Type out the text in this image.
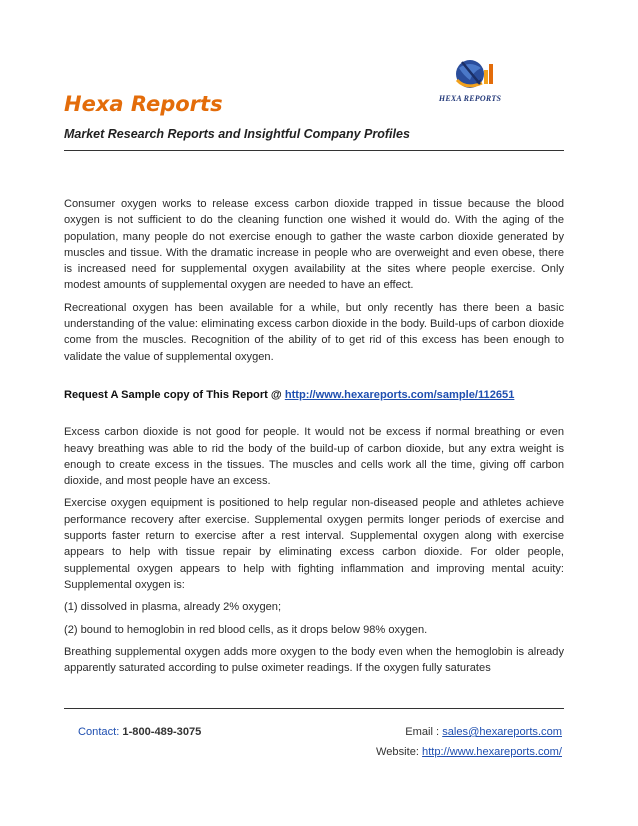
HEXA REPORTS
Hexa Reports
Market Research Reports and Insightful Company Profiles

Consumer oxygen works to release excess carbon dioxide trapped in tissue because the blood oxygen is not sufficient to do the cleaning function one wished it would do. With the aging of the population, many people do not exercise enough to gather the waste carbon dioxide generated by muscles and tissue. With the dramatic increase in people who are overweight and even obese, there is increased need for supplemental oxygen availability at the sites where people exercise. Only modest amounts of supplemental oxygen are needed to have an effect.

Recreational oxygen has been available for a while, but only recently has there been a basic understanding of the value: eliminating excess carbon dioxide in the body. Build-ups of carbon dioxide come from the muscles. Recognition of the ability of to get rid of this excess has been enough to validate the value of supplemental oxygen.

Request A Sample copy of This Report @ http://www.hexareports.com/sample/112651

Excess carbon dioxide is not good for people. It would not be excess if normal breathing or even heavy breathing was able to rid the body of the build-up of carbon dioxide, but any extra weight is enough to create excess in the tissues. The muscles and cells work all the time, giving off carbon dioxide, and most people have an excess.

Exercise oxygen equipment is positioned to help regular non-diseased people and athletes achieve performance recovery after exercise. Supplemental oxygen permits longer periods of exercise and supports faster return to exercise after a rest interval. Supplemental oxygen along with exercise appears to help with tissue repair by eliminating excess carbon dioxide. For older people, supplemental oxygen appears to help with fighting inflammation and improving mental acuity: Supplemental oxygen is:

(1) dissolved in plasma, already 2% oxygen;

(2) bound to hemoglobin in red blood cells, as it drops below 98% oxygen.

Breathing supplemental oxygen adds more oxygen to the body even when the hemoglobin is already apparently saturated according to pulse oximeter readings. If the oxygen fully saturates

Contact: 1-800-489-3075	Email : sales@hexareports.com
Website: http://www.hexareports.com/
